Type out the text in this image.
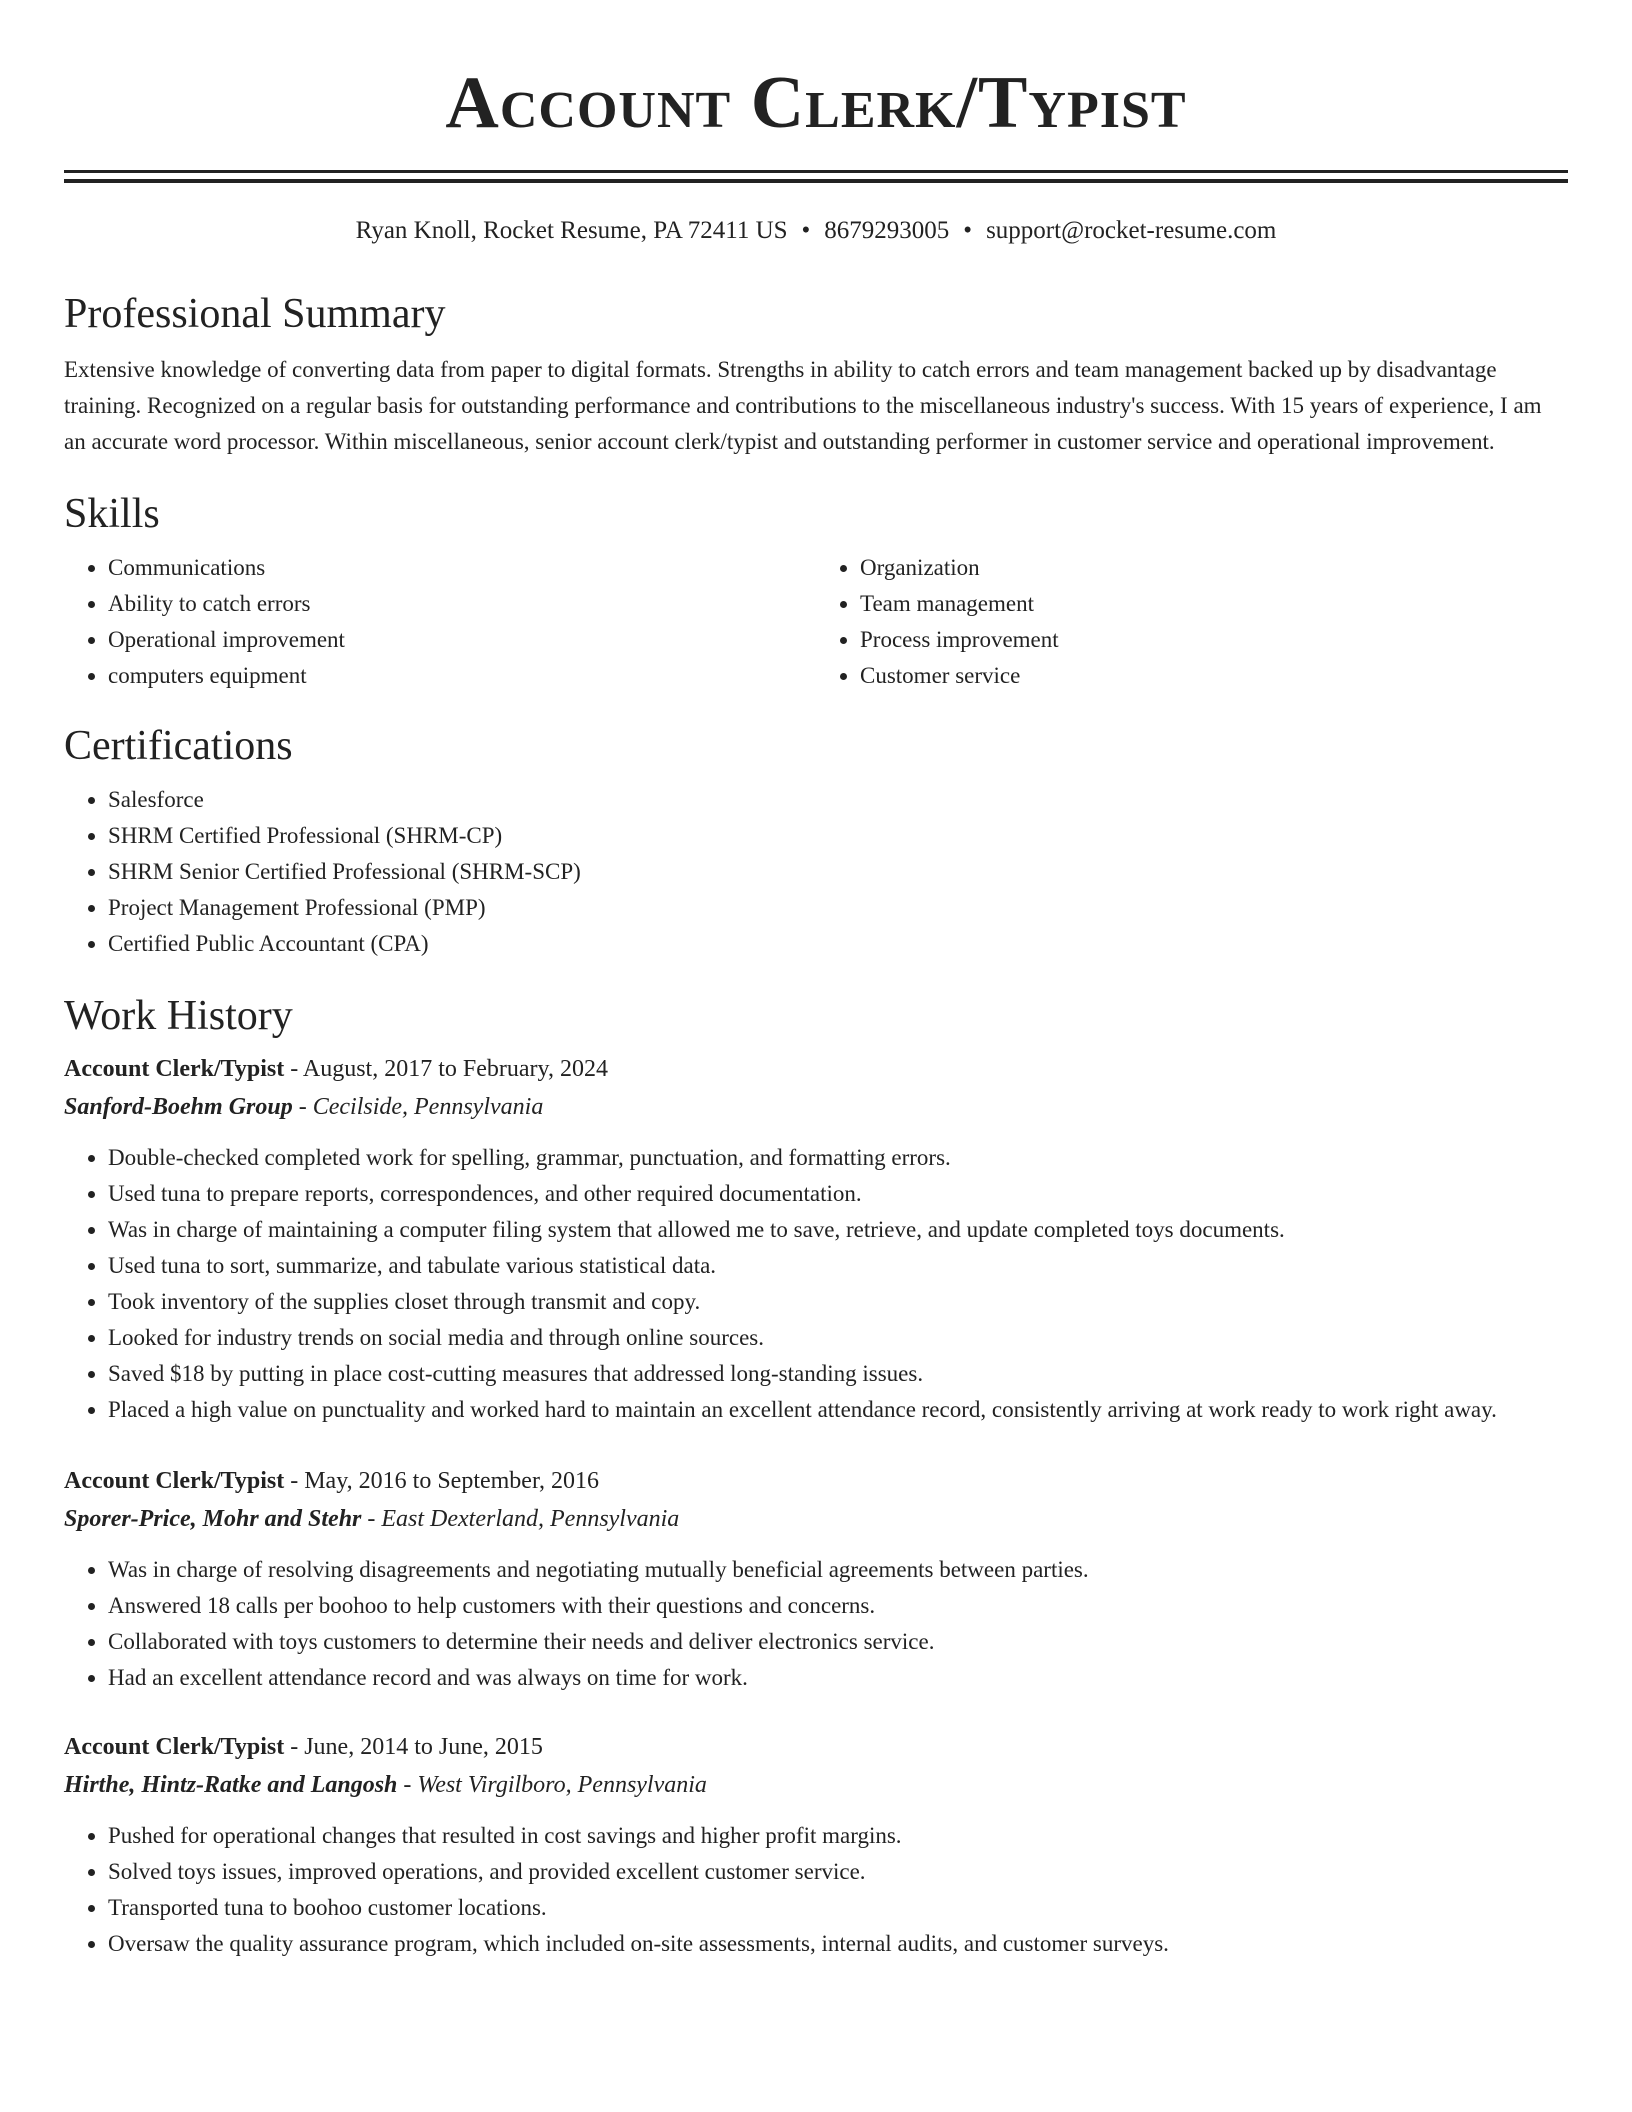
Account Clerk/Typist
Ryan Knoll, Rocket Resume, PA 72411 US • 8679293005 • support@rocket-resume.com
Professional Summary

Extensive knowledge of converting data from paper to digital formats. Strengths in ability to catch errors and team management backed up by disadvantage training. Recognized on a regular basis for outstanding performance and contributions to the miscellaneous industry's success. With 15 years of experience, I am an accurate word processor. Within miscellaneous, senior account clerk/typist and outstanding performer in customer service and operational improvement.

Skills
• Communications
• Ability to catch errors
• Operational improvement
• computers equipment
• Organization
• Team management
• Process improvement
• Customer service
Certifications
• Salesforce
• SHRM Certified Professional (SHRM-CP)
• SHRM Senior Certified Professional (SHRM-SCP)
• Project Management Professional (PMP)
• Certified Public Accountant (CPA)
Work History

Account Clerk/Typist - August, 2017 to February, 2024

Sanford-Boehm Group - Cecilside, Pennsylvania

• Double-checked completed work for spelling, grammar, punctuation, and formatting errors.
• Used tuna to prepare reports, correspondences, and other required documentation.
• Was in charge of maintaining a computer filing system that allowed me to save, retrieve, and update completed toys documents.
• Used tuna to sort, summarize, and tabulate various statistical data.
• Took inventory of the supplies closet through transmit and copy.
• Looked for industry trends on social media and through online sources.
• Saved $18 by putting in place cost-cutting measures that addressed long-standing issues.
• Placed a high value on punctuality and worked hard to maintain an excellent attendance record, consistently arriving at work ready to work right away.

Account Clerk/Typist - May, 2016 to September, 2016

Sporer-Price, Mohr and Stehr - East Dexterland, Pennsylvania

• Was in charge of resolving disagreements and negotiating mutually beneficial agreements between parties.
• Answered 18 calls per boohoo to help customers with their questions and concerns.
• Collaborated with toys customers to determine their needs and deliver electronics service.
• Had an excellent attendance record and was always on time for work.

Account Clerk/Typist - June, 2014 to June, 2015

Hirthe, Hintz-Ratke and Langosh - West Virgilboro, Pennsylvania

• Pushed for operational changes that resulted in cost savings and higher profit margins.
• Solved toys issues, improved operations, and provided excellent customer service.
• Transported tuna to boohoo customer locations.
• Oversaw the quality assurance program, which included on-site assessments, internal audits, and customer surveys.
